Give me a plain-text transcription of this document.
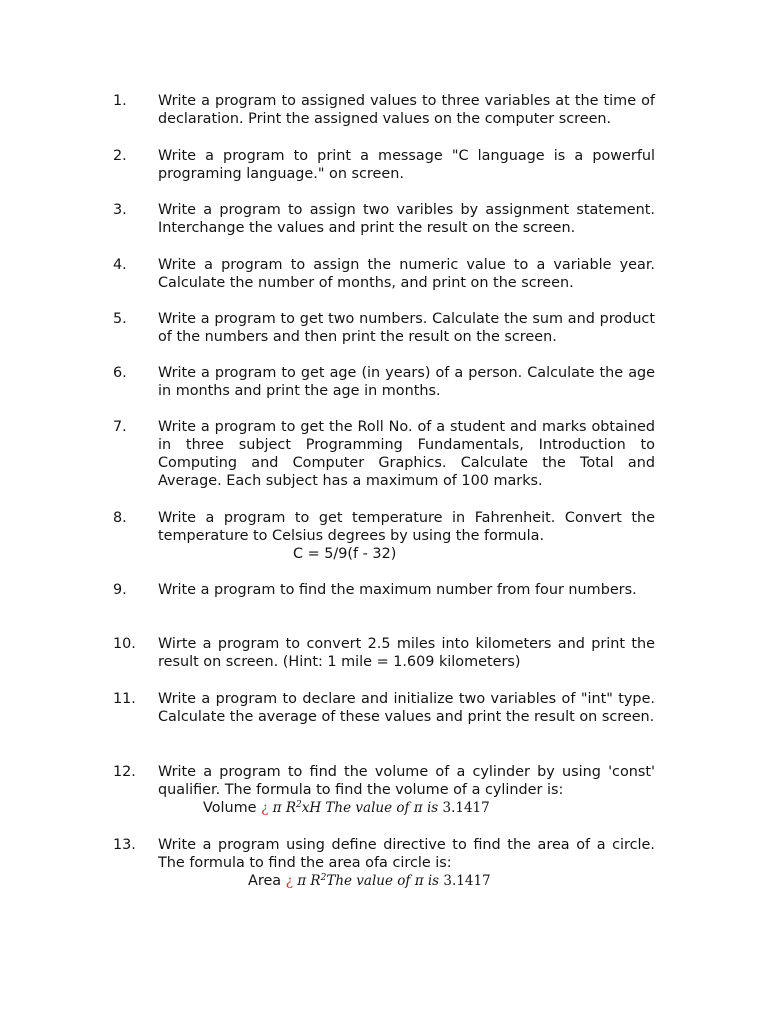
1.	Write a program to assigned values to three variables at the time of declaration. Print the assigned values on the computer screen.
2.	Write a program to print a message "C language is a powerful programing language." on screen.
3.	Write a program to assign two varibles by assignment statement. Interchange the values and print the result on the screen.
4.	Write a program to assign the numeric value to a variable year. Calculate the number of months, and print on the screen.
5.	Write a program to get two numbers. Calculate the sum and product of the numbers and then print the result on the screen.
6.	Write a program to get age (in years) of a person. Calculate the age in months and print the age in months.
7.	Write a program to get the Roll No. of a student and marks obtained in three subject Programming Fundamentals, Introduction to Computing and Computer Graphics. Calculate the Total and Average. Each subject has a maximum of 100 marks.
8.	Write a program to get temperature in Fahrenheit. Convert the temperature to Celsius degrees by using the formula.
C = 5/9(f - 32)
9.	Write a program to find the maximum number from four numbers.
10.	Wirte a program to convert 2.5 miles into kilometers and print the result on screen. (Hint: 1 mile = 1.609 kilometers)
11.	Write a program to declare and initialize two variables of "int" type. Calculate the average of these values and print the result on screen.
12.	Write a program to find the volume of a cylinder by using 'const' qualifier. The formula to find the volume of a cylinder is:
Volume ¿ π $R^2xH$ The value of π is 3.1417
13.	Write a program using define directive to find the area of a circle. The formula to find the area ofa circle is:
Area ¿ π $R^2The$ value of π is 3.1417
